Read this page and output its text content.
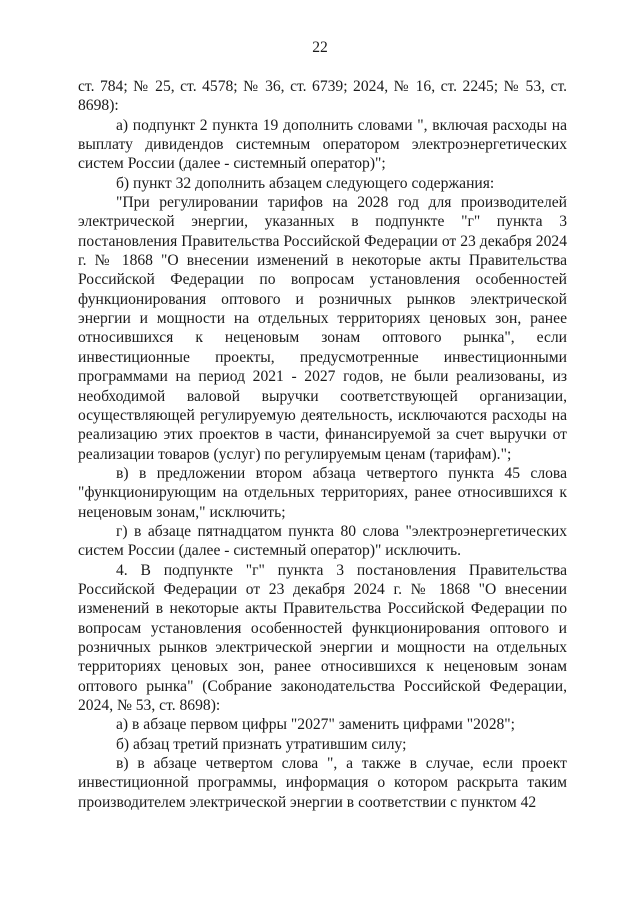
22

ст. 784; № 25, ст. 4578; № 36, ст. 6739; 2024, № 16, ст. 2245; № 53, ст. 8698):

а) подпункт 2 пункта 19 дополнить словами ", включая расходы на выплату дивидендов системным оператором электроэнергетических систем России (далее - системный оператор)";

б) пункт 32 дополнить абзацем следующего содержания:

"При регулировании тарифов на 2028 год для производителей электрической энергии, указанных в подпункте "г" пункта 3 постановления Правительства Российской Федерации от 23 декабря 2024 г. № 1868 "О внесении изменений в некоторые акты Правительства Российской Федерации по вопросам установления особенностей функционирования оптового и розничных рынков электрической энергии и мощности на отдельных территориях ценовых зон, ранее относившихся к неценовым зонам оптового рынка", если инвестиционные проекты, предусмотренные инвестиционными программами на период 2021 - 2027 годов, не были реализованы, из необходимой валовой выручки соответствующей организации, осуществляющей регулируемую деятельность, исключаются расходы на реализацию этих проектов в части, финансируемой за счет выручки от реализации товаров (услуг) по регулируемым ценам (тарифам).";

в) в предложении втором абзаца четвертого пункта 45 слова "функционирующим на отдельных территориях, ранее относившихся к неценовым зонам," исключить;

г) в абзаце пятнадцатом пункта 80 слова "электроэнергетических систем России (далее - системный оператор)" исключить.

4. В подпункте "г" пункта 3 постановления Правительства Российской Федерации от 23 декабря 2024 г. № 1868 "О внесении изменений в некоторые акты Правительства Российской Федерации по вопросам установления особенностей функционирования оптового и розничных рынков электрической энергии и мощности на отдельных территориях ценовых зон, ранее относившихся к неценовым зонам оптового рынка" (Собрание законодательства Российской Федерации, 2024, № 53, ст. 8698):

а) в абзаце первом цифры "2027" заменить цифрами "2028";

б) абзац третий признать утратившим силу;

в) в абзаце четвертом слова ", а также в случае, если проект инвестиционной программы, информация о котором раскрыта таким производителем электрической энергии в соответствии с пунктом 42
